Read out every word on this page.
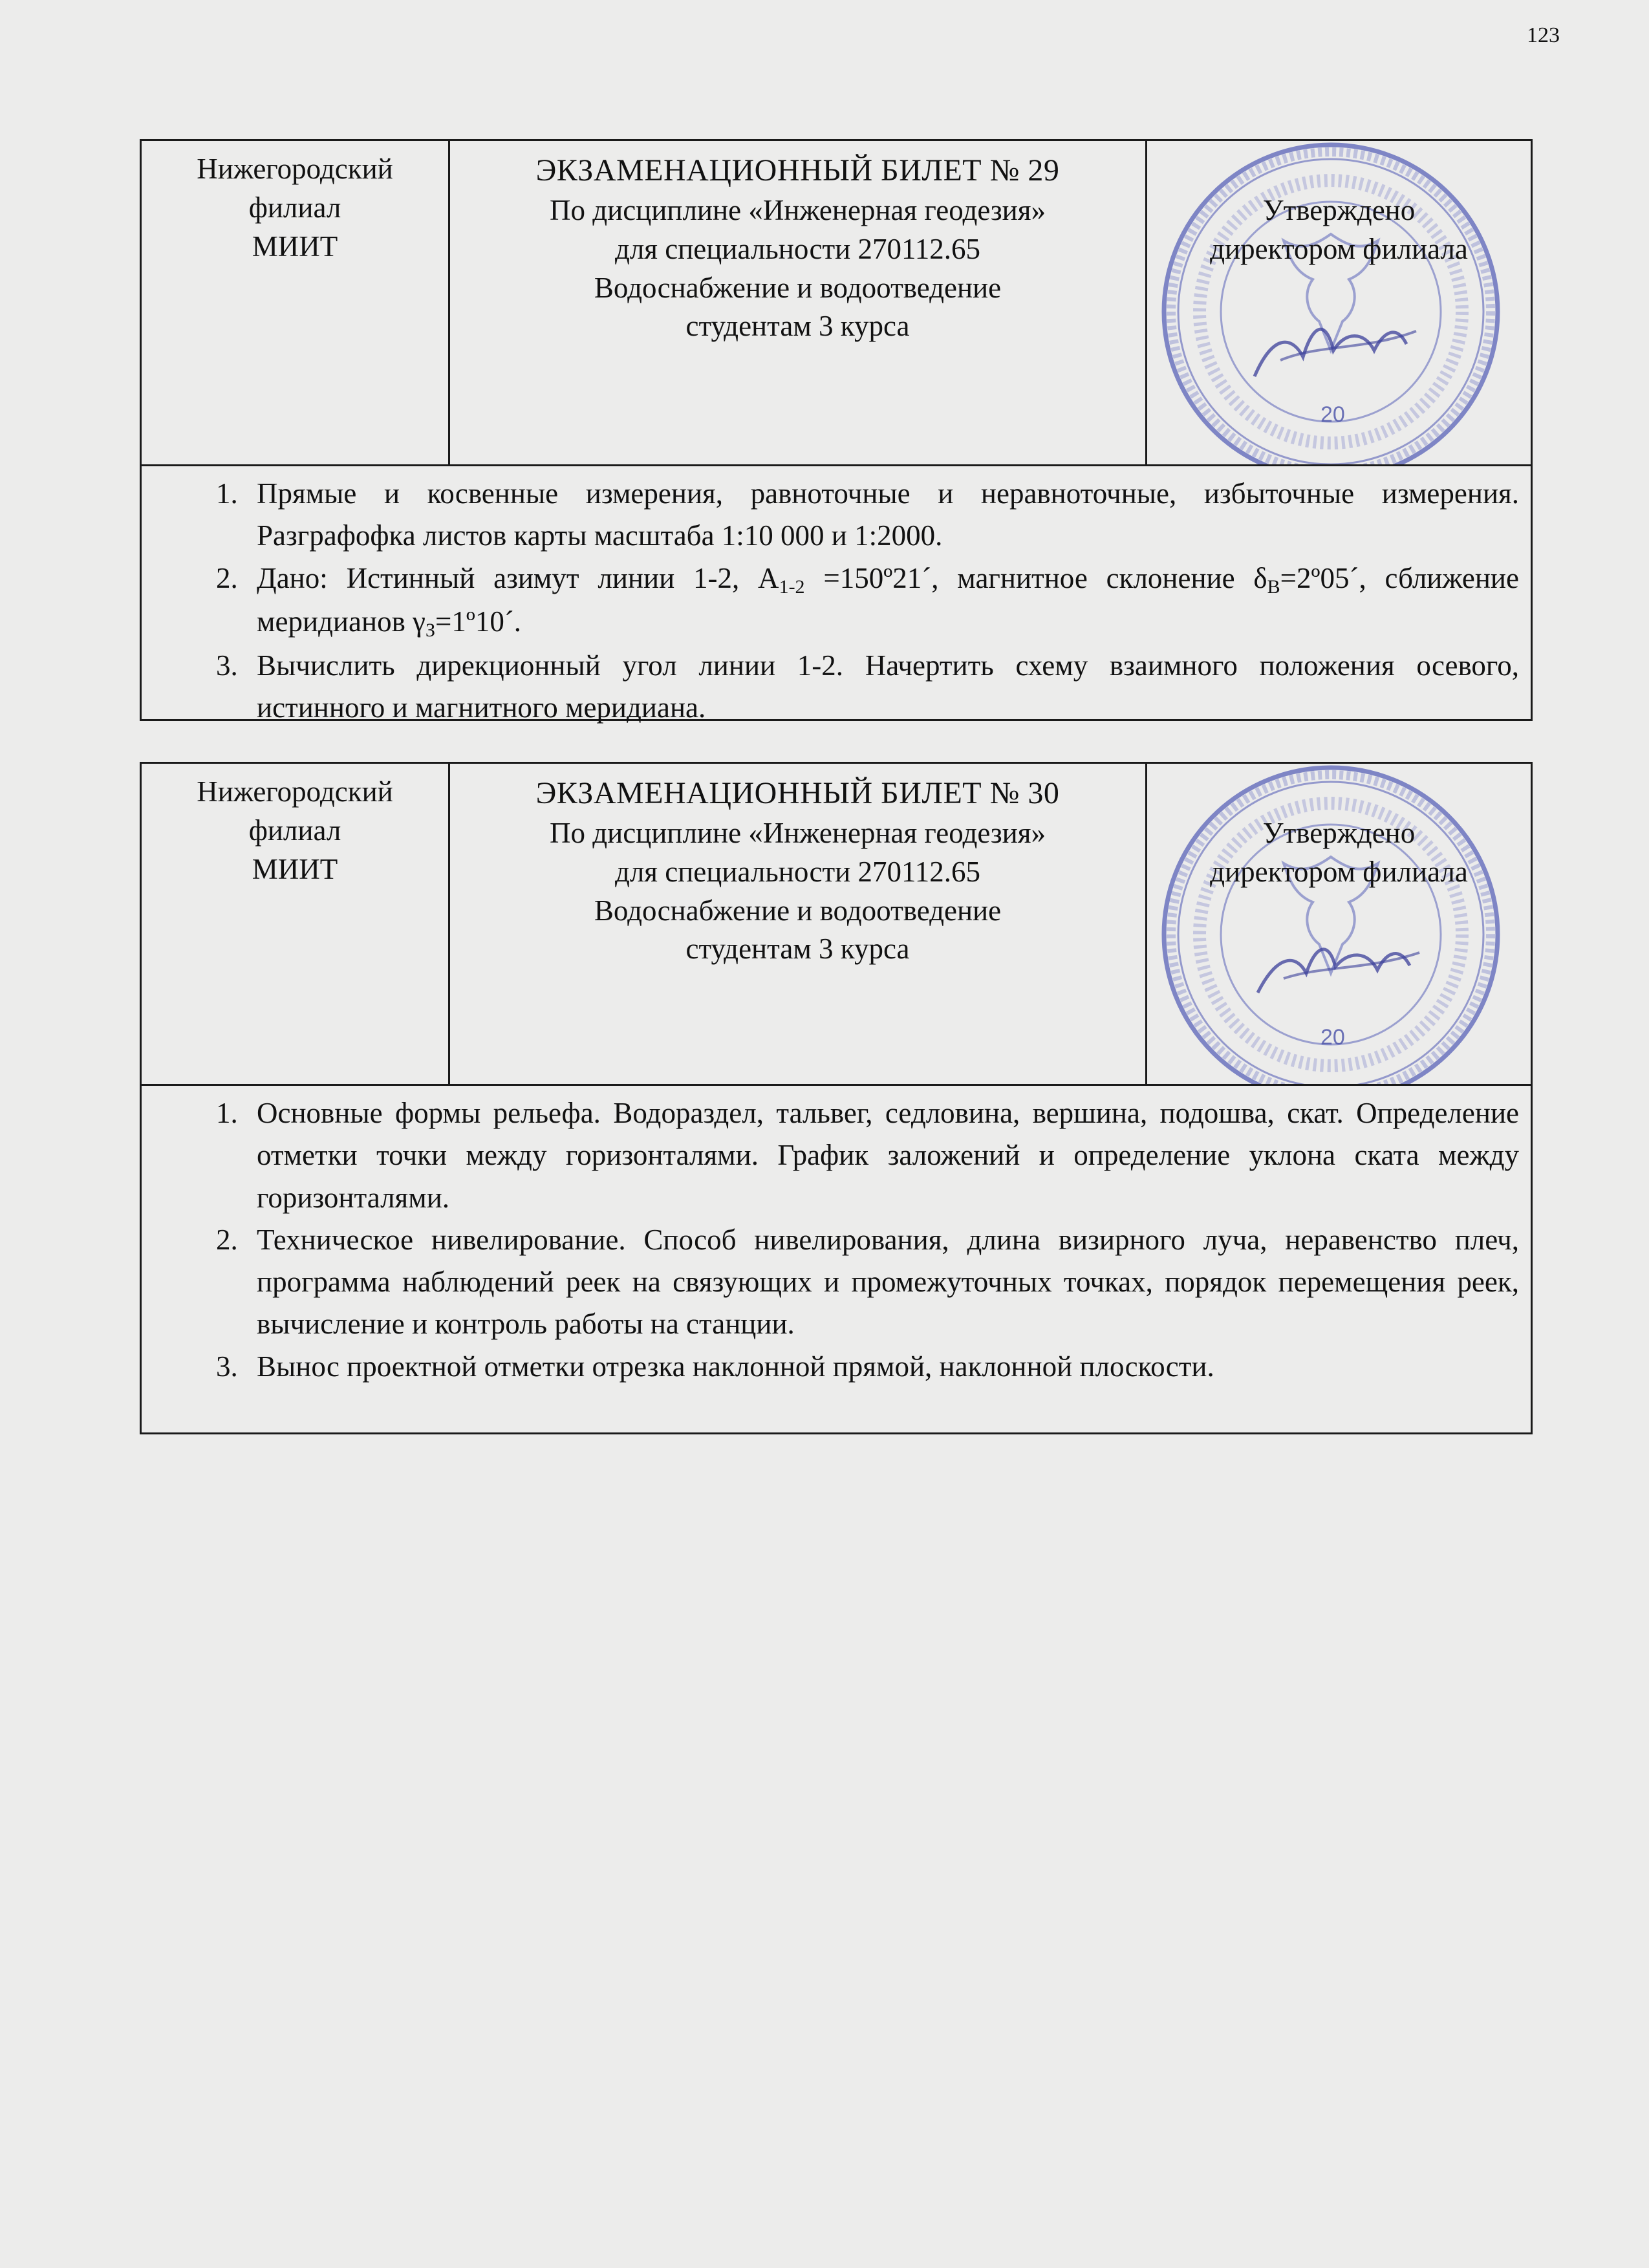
123
Нижегородский
филиал
МИИТ
ЭКЗАМЕНАЦИОННЫЙ БИЛЕТ № 29
По дисциплине «Инженерная геодезия»
для специальности 270112.65
Водоснабжение и водоотведение
студентам 3 курса
20
Утверждено
директором филиала
1. Прямые и косвенные измерения, равноточные и неравноточные, избыточные измерения. Разграфофка листов карты масштаба 1:10 000 и 1:2000.
2. Дано: Истинный азимут линии 1-2, $А_{1-2}$ =150º21´, магнитное склонение $\delta_В=2º05´$, сближение меридианов $\gamma_З=1º10´$.
3. Вычислить дирекционный угол линии 1-2. Начертить схему взаимного положения осевого, истинного и магнитного меридиана.
Нижегородский
филиал
МИИТ
ЭКЗАМЕНАЦИОННЫЙ БИЛЕТ № 30
По дисциплине «Инженерная геодезия»
для специальности 270112.65
Водоснабжение и водоотведение
студентам 3 курса
20
Утверждено
директором филиала
1. Основные формы рельефа. Водораздел, тальвег, седловина, вершина, подошва, скат. Определение отметки точки между горизонталями. График заложений и определение уклона ската между горизонталями.
2. Техническое нивелирование. Способ нивелирования, длина визирного луча, неравенство плеч, программа наблюдений реек на связующих и промежуточных точках, порядок перемещения реек, вычисление и контроль работы на станции.
3. Вынос проектной отметки отрезка наклонной прямой, наклонной плоскости.
